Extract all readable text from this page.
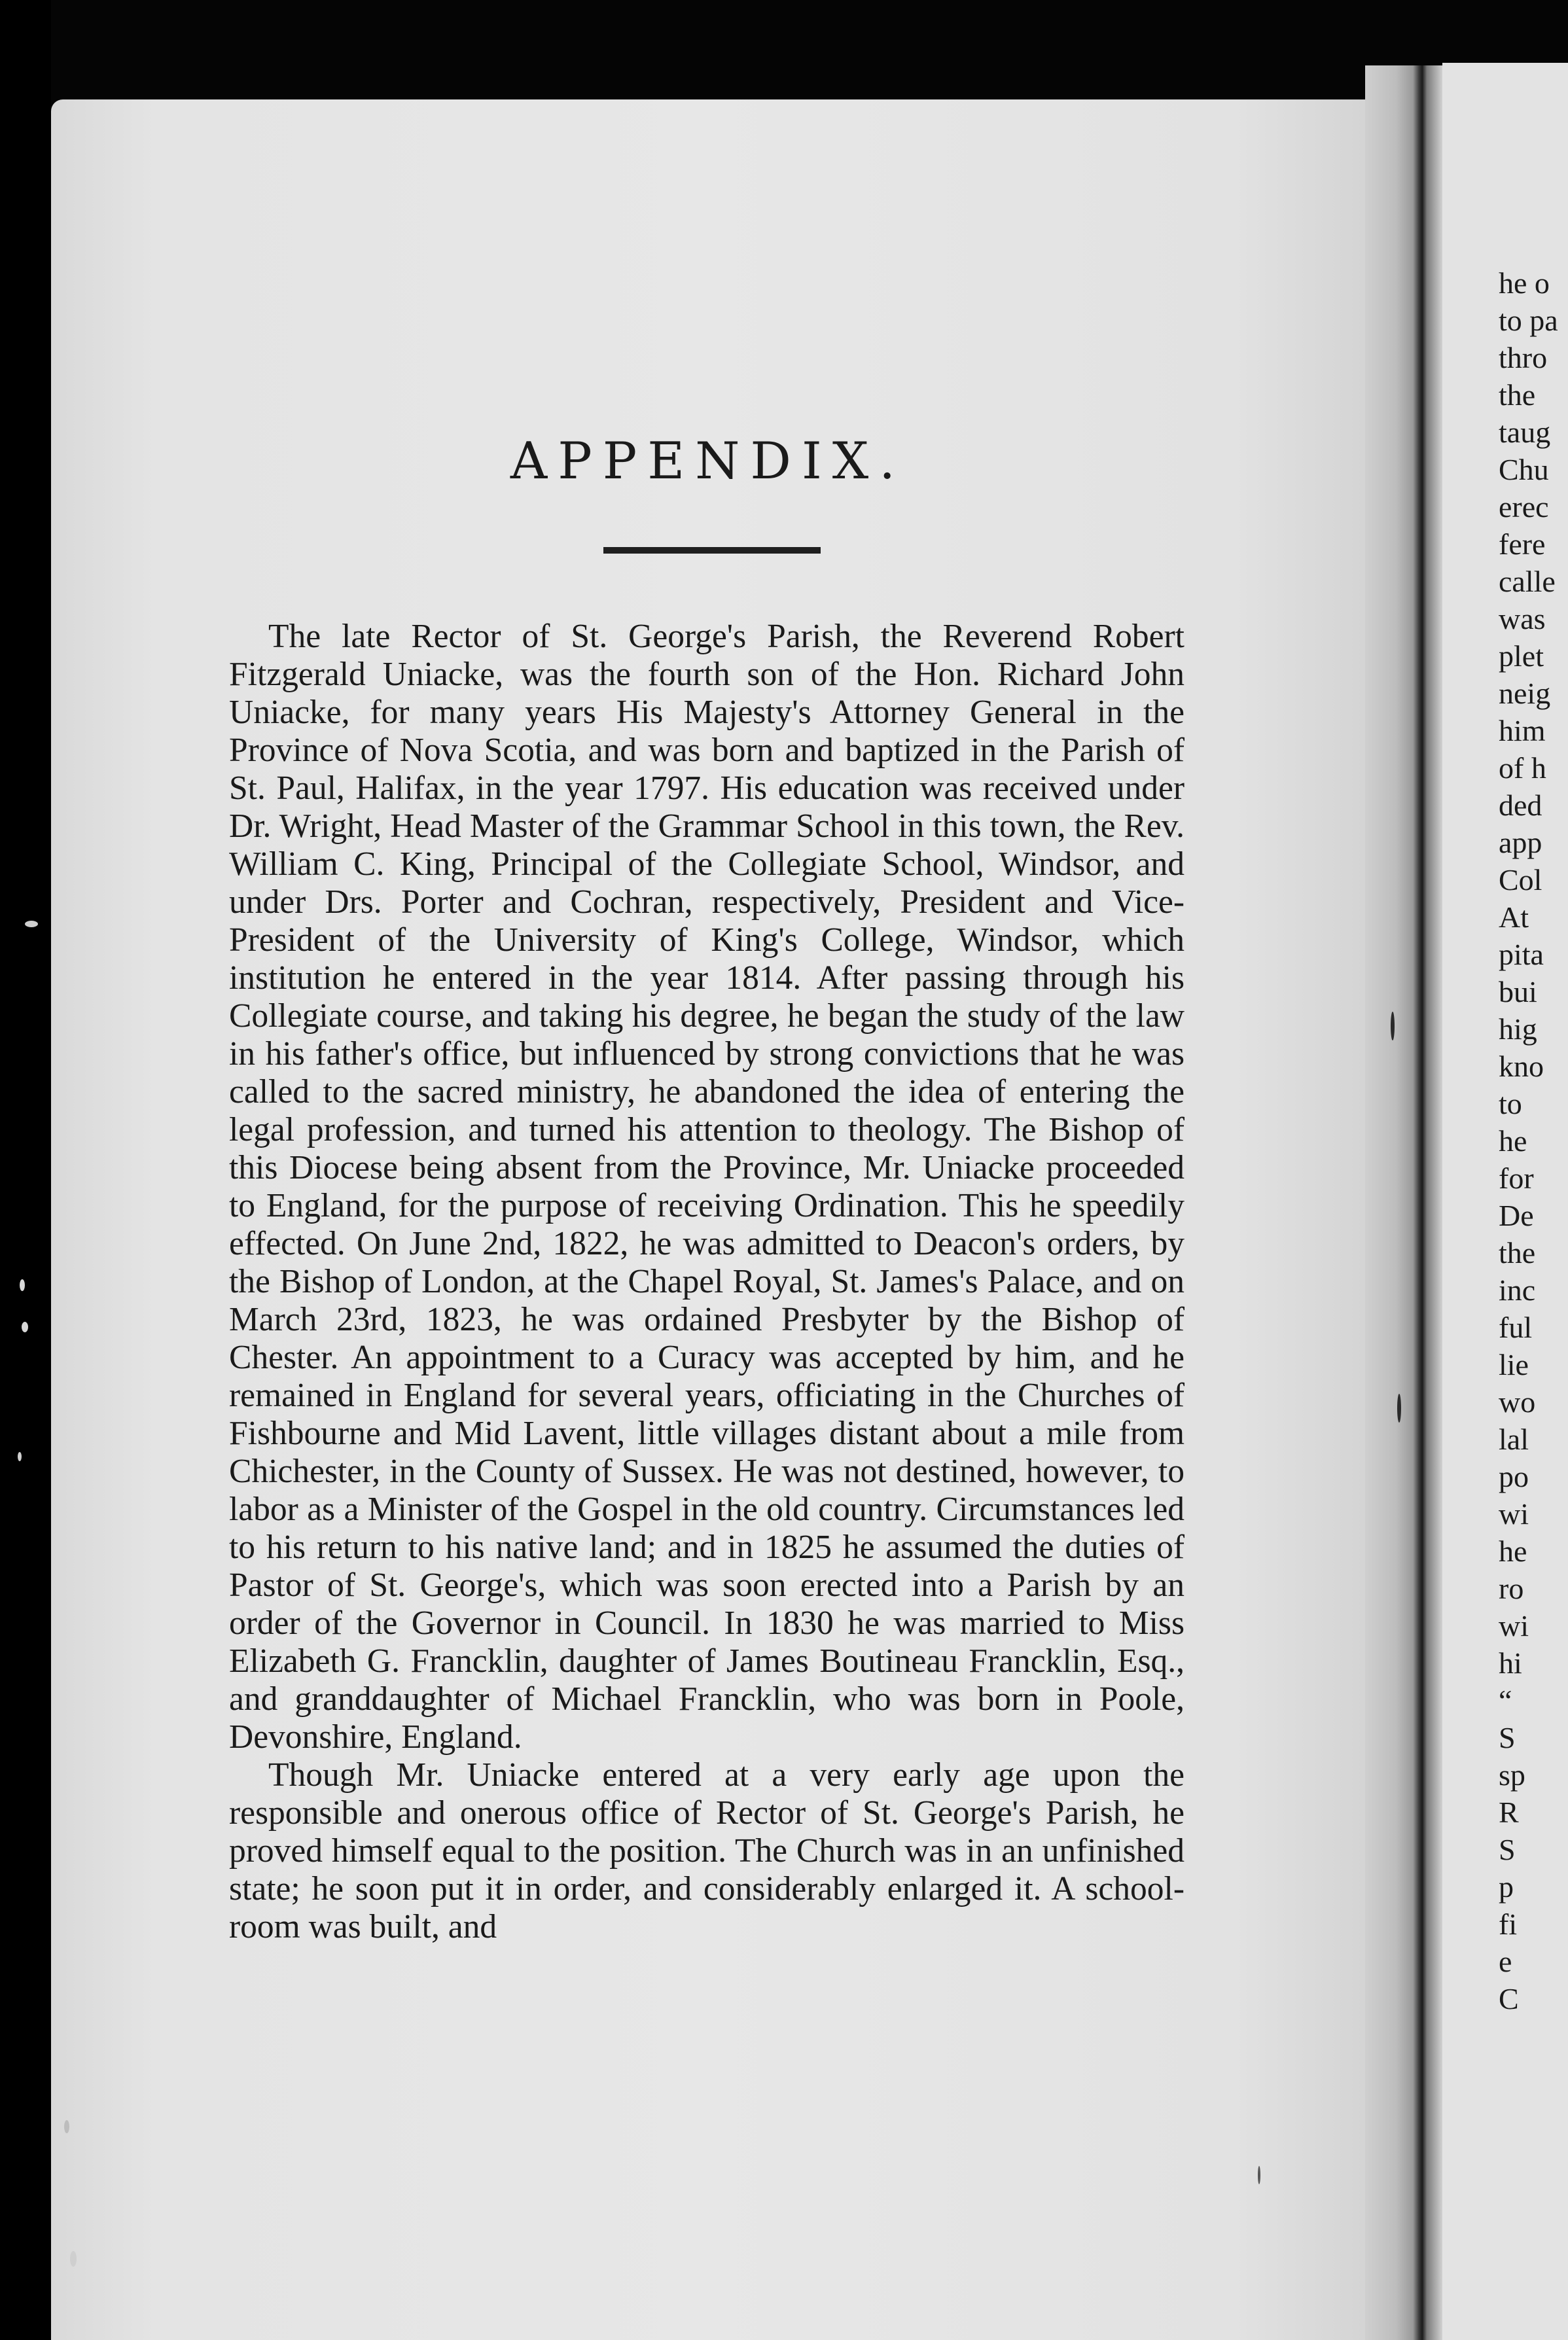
APPENDIX.

The late Rector of St. George's Parish, the Reverend Robert Fitzgerald Uniacke, was the fourth son of the Hon. Richard John Uniacke, for many years His Majesty's Attorney General in the Province of Nova Scotia, and was born and baptized in the Parish of St. Paul, Halifax, in the year 1797. His education was received under Dr. Wright, Head Master of the Grammar School in this town, the Rev. William C. King, Principal of the Collegiate School, Windsor, and under Drs. Porter and Cochran, respectively, President and Vice-President of the University of King's College, Windsor, which institution he entered in the year 1814. After passing through his Collegiate course, and taking his degree, he began the study of the law in his father's office, but influenced by strong convictions that he was called to the sacred ministry, he abandoned the idea of entering the legal profession, and turned his attention to theology. The Bishop of this Diocese being absent from the Province, Mr. Uniacke proceeded to England, for the purpose of receiving Ordination. This he speedily effected. On June 2nd, 1822, he was admitted to Deacon's orders, by the Bishop of London, at the Chapel Royal, St. James's Palace, and on March 23rd, 1823, he was ordained Presbyter by the Bishop of Chester. An appointment to a Curacy was accepted by him, and he remained in England for several years, officiating in the Churches of Fishbourne and Mid Lavent, little villages distant about a mile from Chichester, in the County of Sussex. He was not destined, however, to labor as a Minister of the Gospel in the old country. Circumstances led to his return to his native land; and in 1825 he assumed the duties of Pastor of St. George's, which was soon erected into a Parish by an order of the Governor in Council. In 1830 he was married to Miss Elizabeth G. Francklin, daughter of James Boutineau Francklin, Esq., and granddaughter of Michael Francklin, who was born in Poole, Devonshire, England.

Though Mr. Uniacke entered at a very early age upon the responsible and onerous office of Rector of St. George's Parish, he proved himself equal to the position. The Church was in an unfinished state; he soon put it in order, and considerably enlarged it. A school-room was built, and

he o
to pa
thro
the
taug
Chu
erec
fere
calle
was
plet
neig
him
of h
ded
app
Col
At
pita
bui
hig
kno
to
he
for
De
the
inc
ful
lie
wo
lal
po
wi
he
ro
wi
hi
“
S
sp
R
S
p
fi
e
C
